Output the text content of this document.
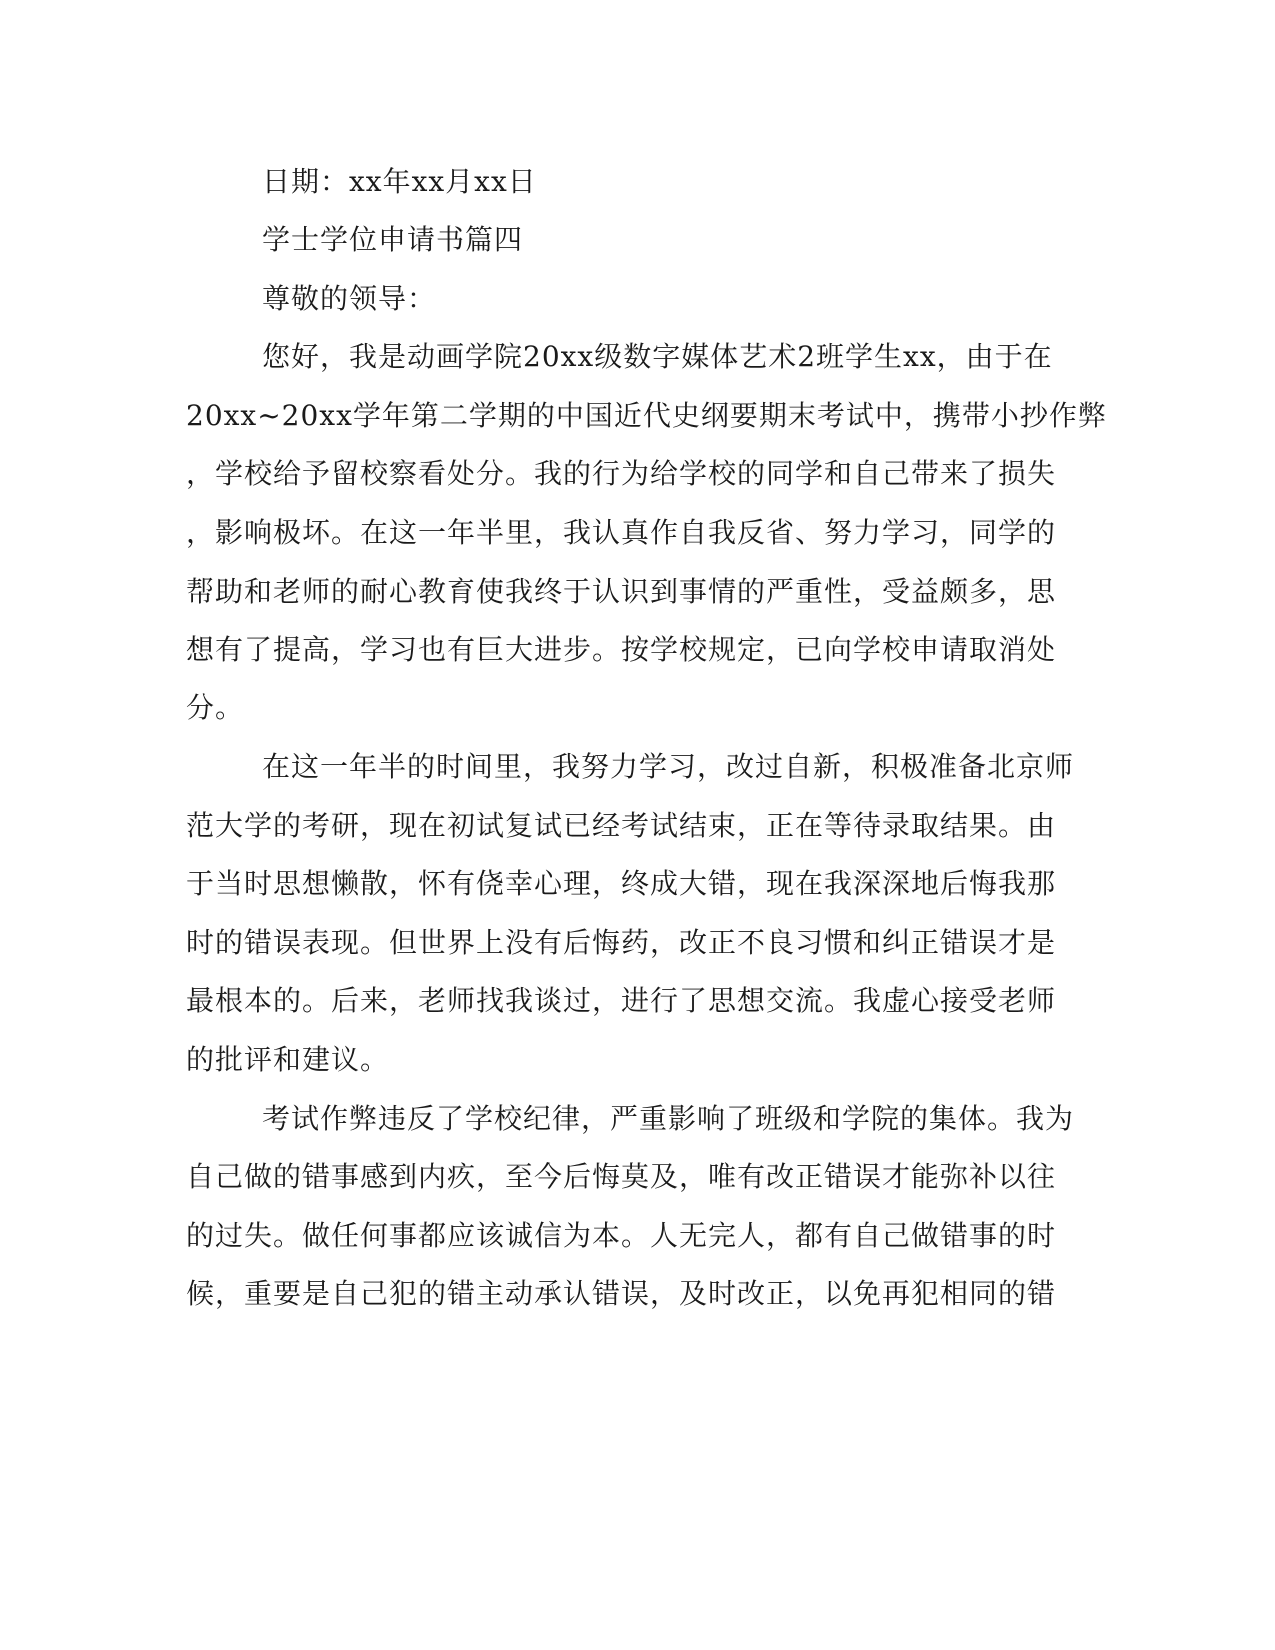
日期：xx年xx月xx日
学士学位申请书篇四
尊敬的领导：
您好，我是动画学院20xx级数字媒体艺术2班学生xx，由于在
20xx~20xx学年第二学期的中国近代史纲要期末考试中，携带小抄作弊
，学校给予留校察看处分。我的行为给学校的同学和自己带来了损失
，影响极坏。在这一年半里，我认真作自我反省、努力学习，同学的
帮助和老师的耐心教育使我终于认识到事情的严重性，受益颇多，思
想有了提高，学习也有巨大进步。按学校规定，已向学校申请取消处
分。
在这一年半的时间里，我努力学习，改过自新，积极准备北京师
范大学的考研，现在初试复试已经考试结束，正在等待录取结果。由
于当时思想懒散，怀有侥幸心理，终成大错，现在我深深地后悔我那
时的错误表现。但世界上没有后悔药，改正不良习惯和纠正错误才是
最根本的。后来，老师找我谈过，进行了思想交流。我虚心接受老师
的批评和建议。
考试作弊违反了学校纪律，严重影响了班级和学院的集体。我为
自己做的错事感到内疚，至今后悔莫及，唯有改正错误才能弥补以往
的过失。做任何事都应该诚信为本。人无完人，都有自己做错事的时
候，重要是自己犯的错主动承认错误，及时改正，以免再犯相同的错
